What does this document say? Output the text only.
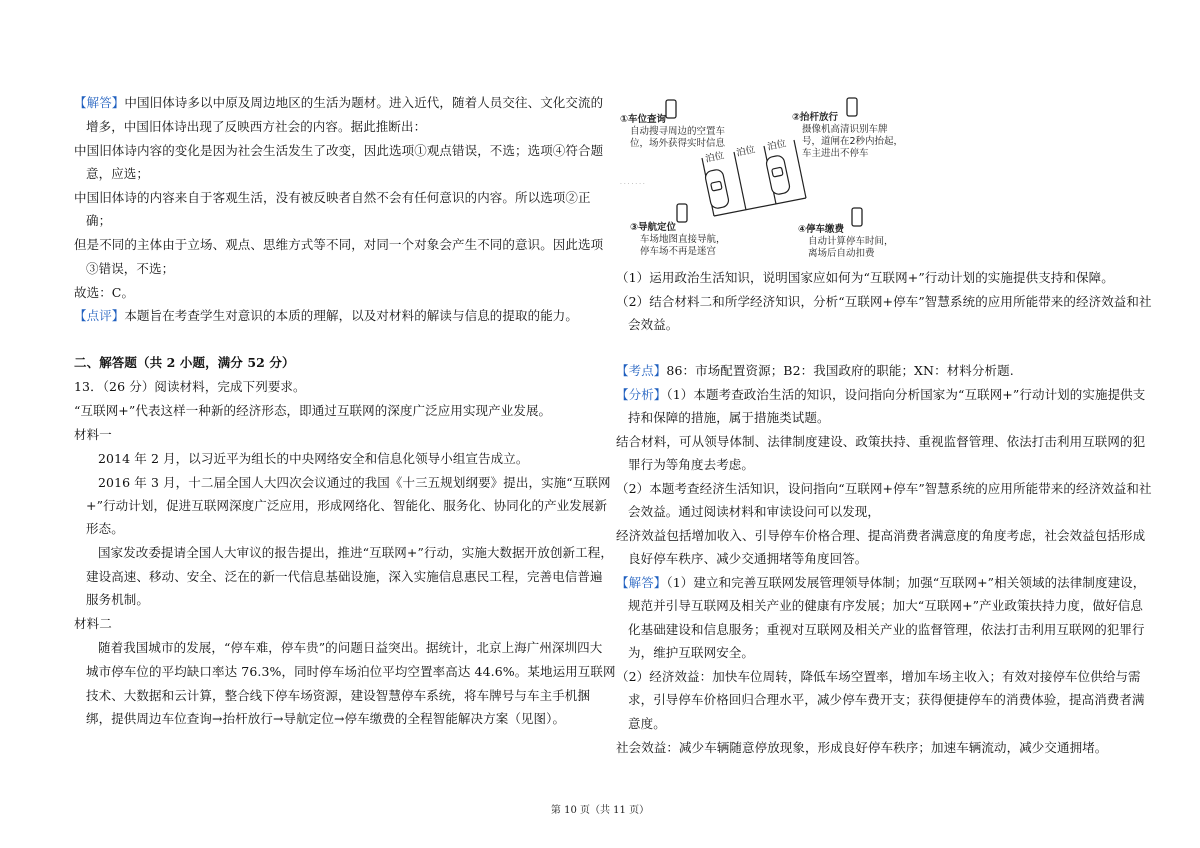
【解答】中国旧体诗多以中原及周边地区的生活为题材。进入近代，随着人员交往、文化交流的
增多，中国旧体诗出现了反映西方社会的内容。据此推断出：
中国旧体诗内容的变化是因为社会生活发生了改变，因此选项①观点错误，不选；选项④符合题
意，应选；
中国旧体诗的内容来自于客观生活，没有被反映者自然不会有任何意识的内容。所以选项②正
确；
但是不同的主体由于立场、观点、思维方式等不同，对同一个对象会产生不同的意识。因此选项
③错误，不选；
故选：C。
【点评】本题旨在考查学生对意识的本质的理解，以及对材料的解读与信息的提取的能力。
二、解答题（共 2 小题，满分 52 分）
13．（26 分）阅读材料，完成下列要求。
“互联网+”代表这样一种新的经济形态，即通过互联网的深度广泛应用实现产业发展。
材料一
2014 年 2 月，以习近平为组长的中央网络安全和信息化领导小组宣告成立。
2016 年 3 月，十二届全国人大四次会议通过的我国《十三五规划纲要》提出，实施“互联网
+”行动计划，促进互联网深度广泛应用，形成网络化、智能化、服务化、协同化的产业发展新
形态。
国家发改委提请全国人大审议的报告提出，推进“互联网+”行动，实施大数据开放创新工程，
建设高速、移动、安全、泛在的新一代信息基础设施，深入实施信息惠民工程，完善电信普遍
服务机制。
材料二
随着我国城市的发展，“停车难，停车贵”的问题日益突出。据统计，北京上海广州深圳四大
城市停车位的平均缺口率达 76.3%，同时停车场泊位平均空置率高达 44.6%。某地运用互联网
技术、大数据和云计算，整合线下停车场资源，建设智慧停车系统，将车牌号与车主手机捆
绑，提供周边车位查询→抬杆放行→导航定位→停车缴费的全程智能解决方案（见图）。
①车位查询
自动搜寻周边的空置车
位，场外获得实时信息
②抬杆放行
摄像机高清识别车牌
号，道闸在2秒内抬起，
车主进出不停车
③导航定位
车场地图直接导航，
停车场不再是迷宫
④停车缴费
自动计算停车时间，
离场后自动扣费
泊位 泊位 泊位
· · · · · · ·
（1）运用政治生活知识，说明国家应如何为“互联网+”行动计划的实施提供支持和保障。
（2）结合材料二和所学经济知识，分析“互联网+停车”智慧系统的应用所能带来的经济效益和社
会效益。
【考点】86：市场配置资源；B2：我国政府的职能；XN：材料分析题.
【分析】（1）本题考查政治生活的知识，设问指向分析国家为“互联网+”行动计划的实施提供支
持和保障的措施，属于措施类试题。
结合材料，可从领导体制、法律制度建设、政策扶持、重视监督管理、依法打击利用互联网的犯
罪行为等角度去考虑。
（2）本题考查经济生活知识，设问指向“互联网+停车”智慧系统的应用所能带来的经济效益和社
会效益。通过阅读材料和审读设问可以发现，
经济效益包括增加收入、引导停车价格合理、提高消费者满意度的角度考虑，社会效益包括形成
良好停车秩序、减少交通拥堵等角度回答。
【解答】（1）建立和完善互联网发展管理领导体制；加强“互联网+”相关领域的法律制度建设，
规范并引导互联网及相关产业的健康有序发展；加大“互联网+”产业政策扶持力度，做好信息
化基础建设和信息服务；重视对互联网及相关产业的监督管理，依法打击利用互联网的犯罪行
为，维护互联网安全。
（2）经济效益：加快车位周转，降低车场空置率，增加车场主收入；有效对接停车位供给与需
求，引导停车价格回归合理水平，减少停车费开支；获得便捷停车的消费体验，提高消费者满
意度。
社会效益：减少车辆随意停放现象，形成良好停车秩序；加速车辆流动，减少交通拥堵。
第 10 页（共 11 页）
